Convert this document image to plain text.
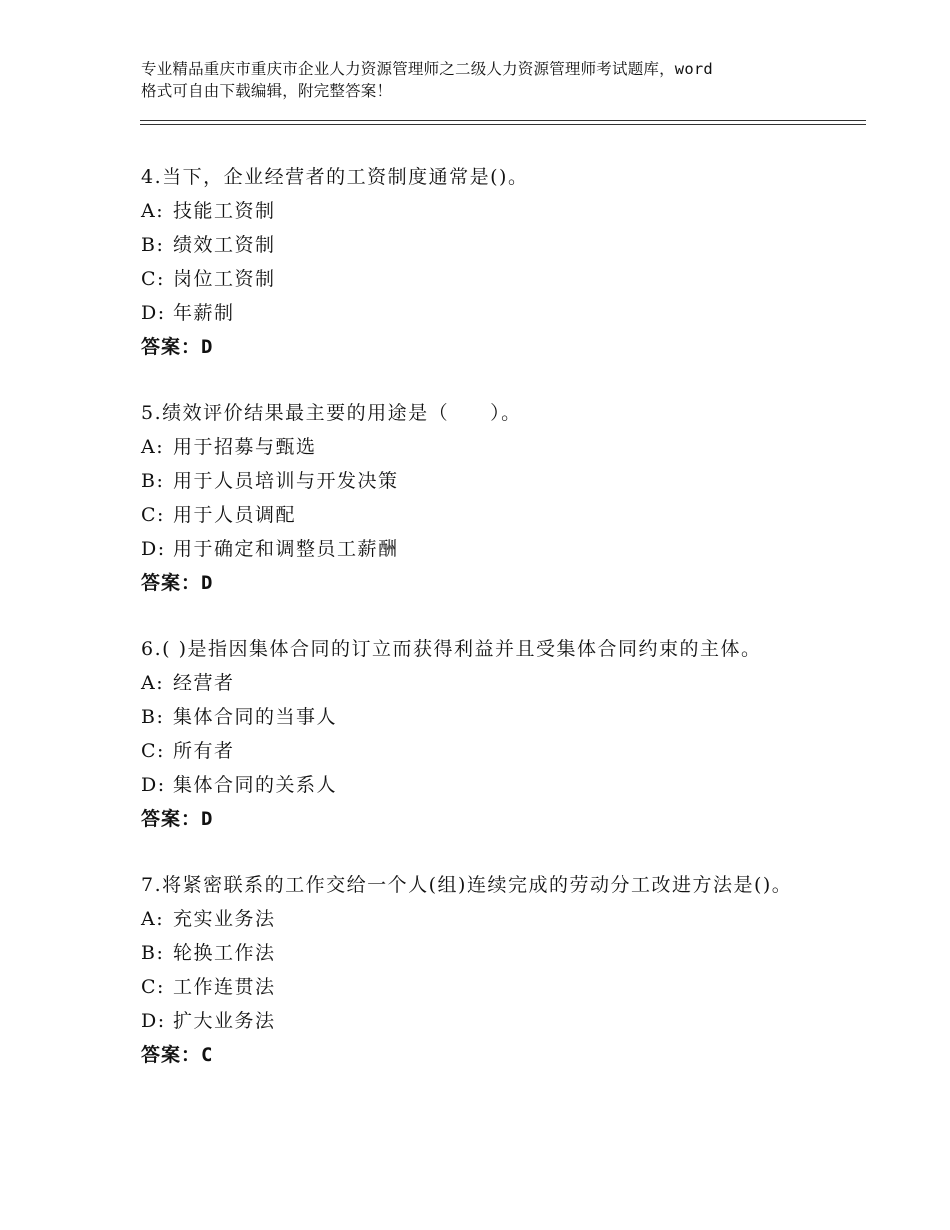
专业精品重庆市重庆市企业人力资源管理师之二级人力资源管理师考试题库，word
格式可自由下载编辑，附完整答案！

4.当下，企业经营者的工资制度通常是()。

A: 技能工资制

B: 绩效工资制

C: 岗位工资制

D: 年薪制

答案：D

5.绩效评价结果最主要的用途是（　　）。

A: 用于招募与甄选

B: 用于人员培训与开发决策

C: 用于人员调配

D: 用于确定和调整员工薪酬

答案：D

6.( )是指因集体合同的订立而获得利益并且受集体合同约束的主体。

A: 经营者

B: 集体合同的当事人

C: 所有者

D: 集体合同的关系人

答案：D

7.将紧密联系的工作交给一个人(组)连续完成的劳动分工改进方法是()。

A: 充实业务法

B: 轮换工作法

C: 工作连贯法

D: 扩大业务法

答案：C
